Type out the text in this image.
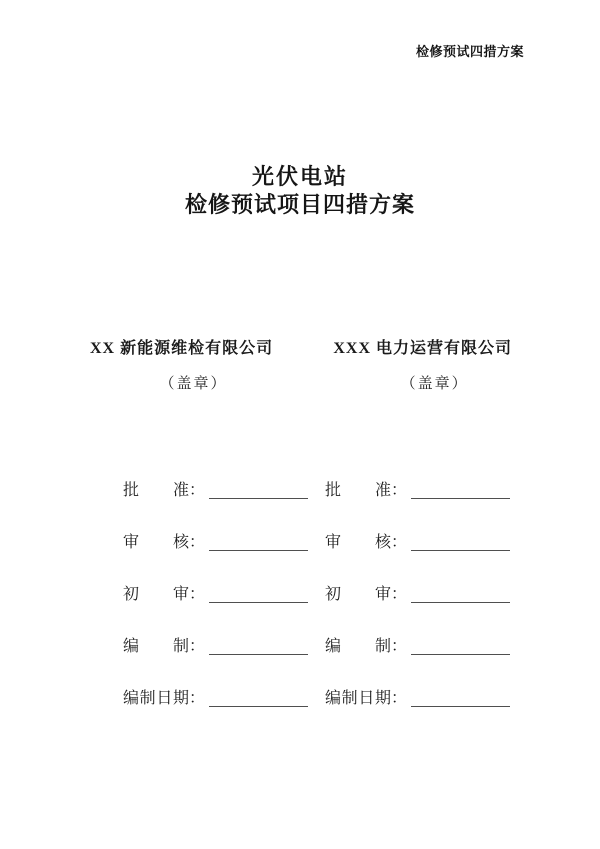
检修预试四措方案
光伏电站
检修预试项目四措方案
XX 新能源维检有限公司
（盖章）
XXX 电力运营有限公司
（盖章）
批准：
审核：
初审：
编制：
编制日期：
批准：
审核：
初审：
编制：
编制日期：
